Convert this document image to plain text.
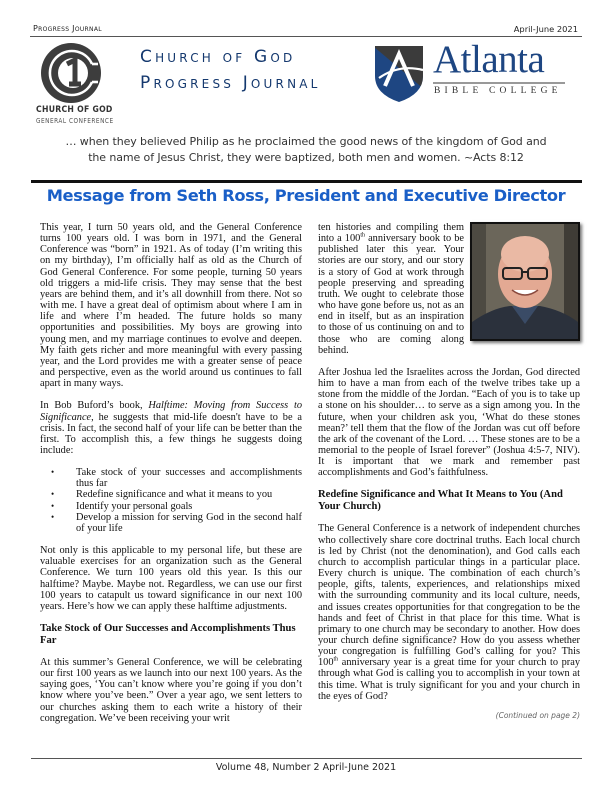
Progress Journal	April-June 2021
CHURCH OF GOD
GENERAL CONFERENCE
Church of God
Progress Journal
Atlanta
BIBLE COLLEGE
… when they believed Philip as he proclaimed the good news of the kingdom of God and
the name of Jesus Christ, they were baptized, both men and women. ~Acts 8:12
Message from Seth Ross, President and Executive Director

This year, I turn 50 years old, and the General Conference turns 100 years old. I was born in 1971, and the General Conference was “born” in 1921. As of today (I’m writing this on my birthday), I’m officially half as old as the Church of God General Conference. For some people, turning 50 years old triggers a mid-life crisis. They may sense that the best years are behind them, and it’s all downhill from there. Not so with me. I have a great deal of optimism about where I am in life and where I’m headed. The future holds so many opportunities and possibilities. My boys are growing into young men, and my marriage continues to evolve and deepen. My faith gets richer and more meaningful with every passing year, and the Lord provides me with a greater sense of peace and perspective, even as the world around us continues to fall apart in many ways.

In Bob Buford’s book, Halftime: Moving from Success to Significance, he suggests that mid-life doesn't have to be a crisis. In fact, the second half of your life can be better than the first. To accomplish this, a few things he suggests doing include:

• Take stock of your successes and accomplishments thus far
• Redefine significance and what it means to you
• Identify your personal goals
• Develop a mission for serving God in the second half of your life

Not only is this applicable to my personal life, but these are valuable exercises for an organization such as the General Conference. We turn 100 years old this year. Is this our halftime? Maybe. Maybe not. Regardless, we can use our first 100 years to catapult us toward significance in our next 100 years. Here’s how we can apply these halftime adjustments.

Take Stock of Our Successes and Accomplishments Thus Far

At this summer’s General Conference, we will be celebrating our first 100 years as we launch into our next 100 years. As the saying goes, ‘You can’t know where you’re going if you don’t know where you’ve been.” Over a year ago, we sent letters to our churches asking them to each write a history of their congregation. We’ve been receiving your writ

ten histories and compiling them into a 100th anniversary book to be published later this year. Your stories are our story, and our story is a story of God at work through people preserving and spreading truth. We ought to celebrate those who have gone before us, not as an end in itself, but as an inspiration to those of us continuing on and to those who are coming along behind.

After Joshua led the Israelites across the Jordan, God directed him to have a man from each of the twelve tribes take up a stone from the middle of the Jordan. “Each of you is to take up a stone on his shoulder… to serve as a sign among you. In the future, when your children ask you, ‘What do these stones mean?’ tell them that the flow of the Jordan was cut off before the ark of the covenant of the Lord. … These stones are to be a memorial to the people of Israel forever” (Joshua 4:5-7, NIV). It is important that we mark and remember past accomplishments and God’s faithfulness.

Redefine Significance and What It Means to You (And Your Church)

The General Conference is a network of independent churches who collectively share core doctrinal truths. Each local church is led by Christ (not the denomination), and God calls each church to accomplish particular things in a particular place. Every church is unique. The combination of each church’s people, gifts, talents, experiences, and relationships mixed with the surrounding community and its local culture, needs, and issues creates opportunities for that congregation to be the hands and feet of Christ in that place for this time. What is primary to one church may be secondary to another. How does your church define significance? How do you assess whether your congregation is fulfilling God’s calling for you? This 100th anniversary year is a great time for your church to pray through what God is calling you to accomplish in your town at this time. What is truly significant for you and your church in the eyes of God?

(Continued on page 2)
Volume 48, Number 2 April-June 2021
